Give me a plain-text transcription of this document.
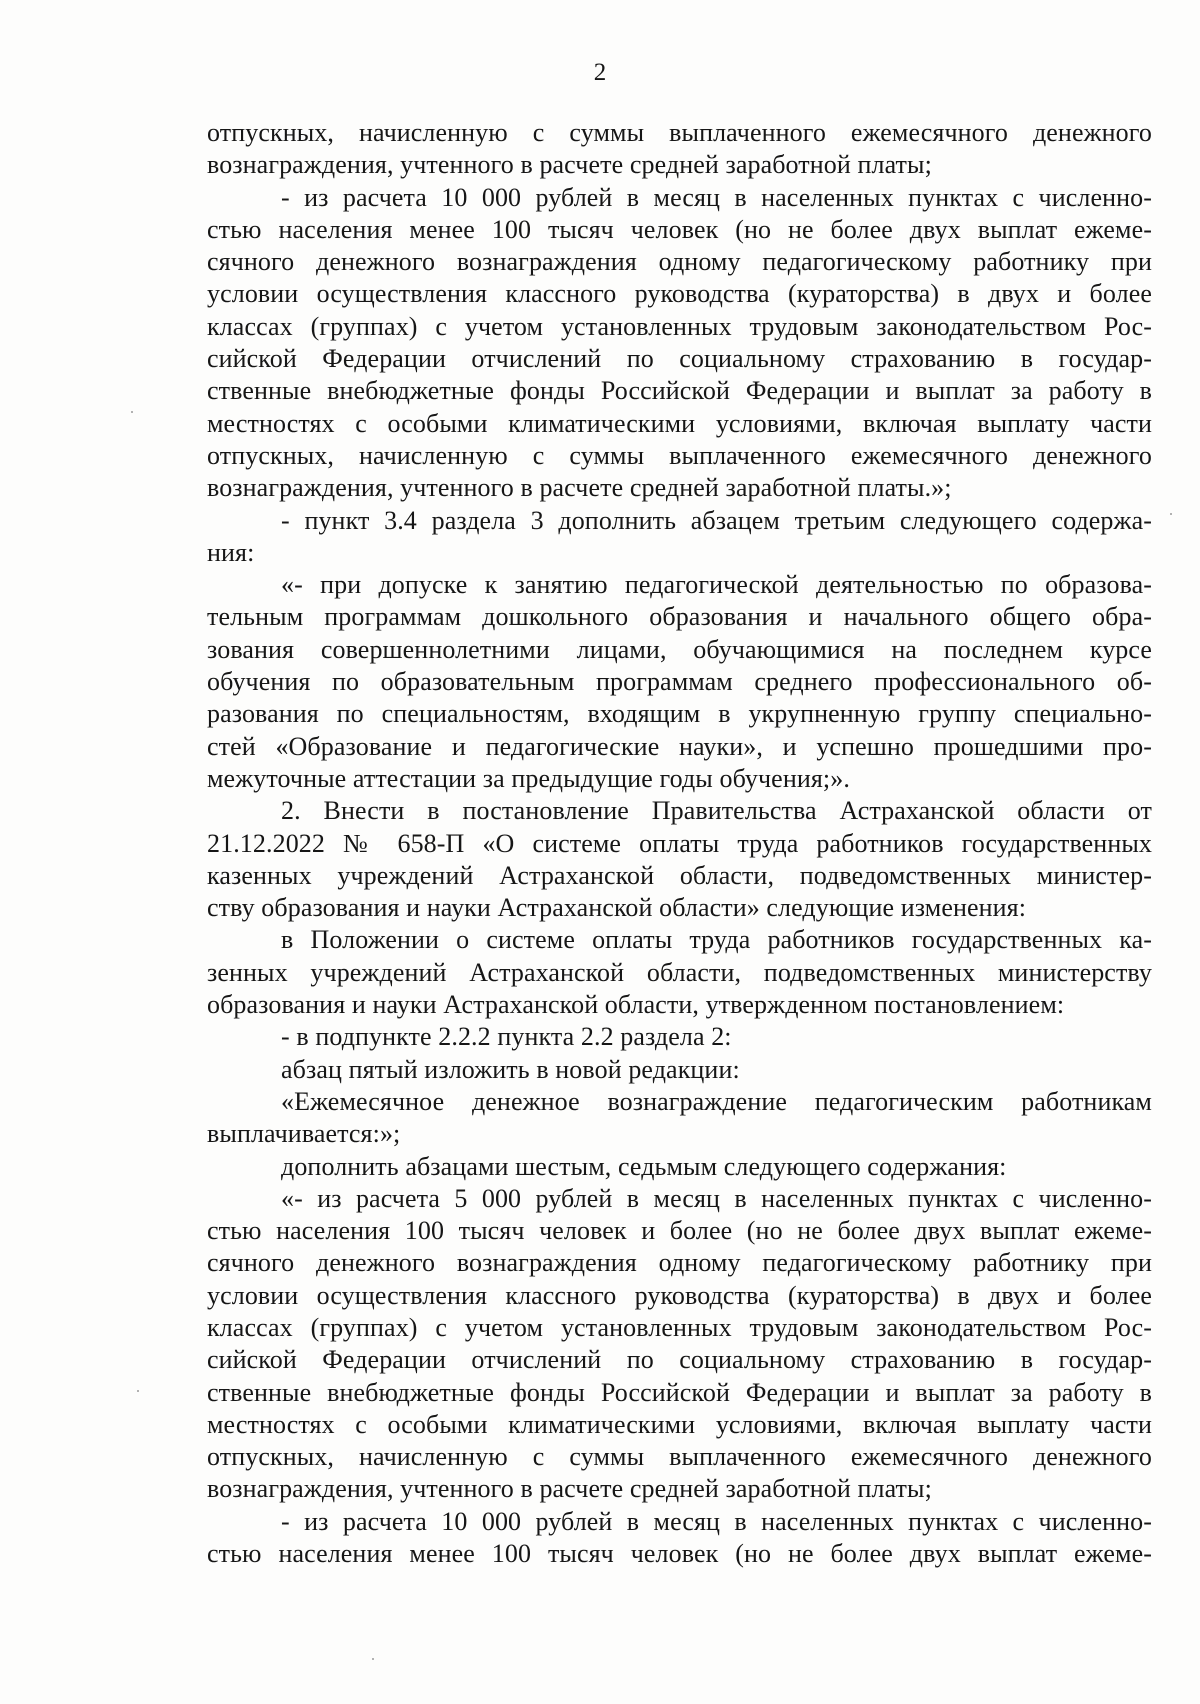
2
отпускных, начисленную с суммы выплаченного ежемесячного денежного
вознаграждения, учтенного в расчете средней заработной платы;
- из расчета 10 000 рублей в месяц в населенных пунктах с численно-
стью населения менее 100 тысяч человек (но не более двух выплат ежеме-
сячного денежного вознаграждения одному педагогическому работнику при
условии осуществления классного руководства (кураторства) в двух и более
классах (группах) с учетом установленных трудовым законодательством Рос-
сийской Федерации отчислений по социальному страхованию в государ-
ственные внебюджетные фонды Российской Федерации и выплат за работу в
местностях с особыми климатическими условиями, включая выплату части
отпускных, начисленную с суммы выплаченного ежемесячного денежного
вознаграждения, учтенного в расчете средней заработной платы.»;
- пункт 3.4 раздела 3 дополнить абзацем третьим следующего содержа-
ния:
«- при допуске к занятию педагогической деятельностью по образова-
тельным программам дошкольного образования и начального общего обра-
зования совершеннолетними лицами, обучающимися на последнем курсе
обучения по образовательным программам среднего профессионального об-
разования по специальностям, входящим в укрупненную группу специально-
стей «Образование и педагогические науки», и успешно прошедшими про-
межуточные аттестации за предыдущие годы обучения;».
2. Внести в постановление Правительства Астраханской области от
21.12.2022 № 658-П «О системе оплаты труда работников государственных
казенных учреждений Астраханской области, подведомственных министер-
ству образования и науки Астраханской области» следующие изменения:
в Положении о системе оплаты труда работников государственных ка-
зенных учреждений Астраханской области, подведомственных министерству
образования и науки Астраханской области, утвержденном постановлением:
- в подпункте 2.2.2 пункта 2.2 раздела 2:
абзац пятый изложить в новой редакции:
«Ежемесячное денежное вознаграждение педагогическим работникам
выплачивается:»;
дополнить абзацами шестым, седьмым следующего содержания:
«- из расчета 5 000 рублей в месяц в населенных пунктах с численно-
стью населения 100 тысяч человек и более (но не более двух выплат ежеме-
сячного денежного вознаграждения одному педагогическому работнику при
условии осуществления классного руководства (кураторства) в двух и более
классах (группах) с учетом установленных трудовым законодательством Рос-
сийской Федерации отчислений по социальному страхованию в государ-
ственные внебюджетные фонды Российской Федерации и выплат за работу в
местностях с особыми климатическими условиями, включая выплату части
отпускных, начисленную с суммы выплаченного ежемесячного денежного
вознаграждения, учтенного в расчете средней заработной платы;
- из расчета 10 000 рублей в месяц в населенных пунктах с численно-
стью населения менее 100 тысяч человек (но не более двух выплат ежеме-
